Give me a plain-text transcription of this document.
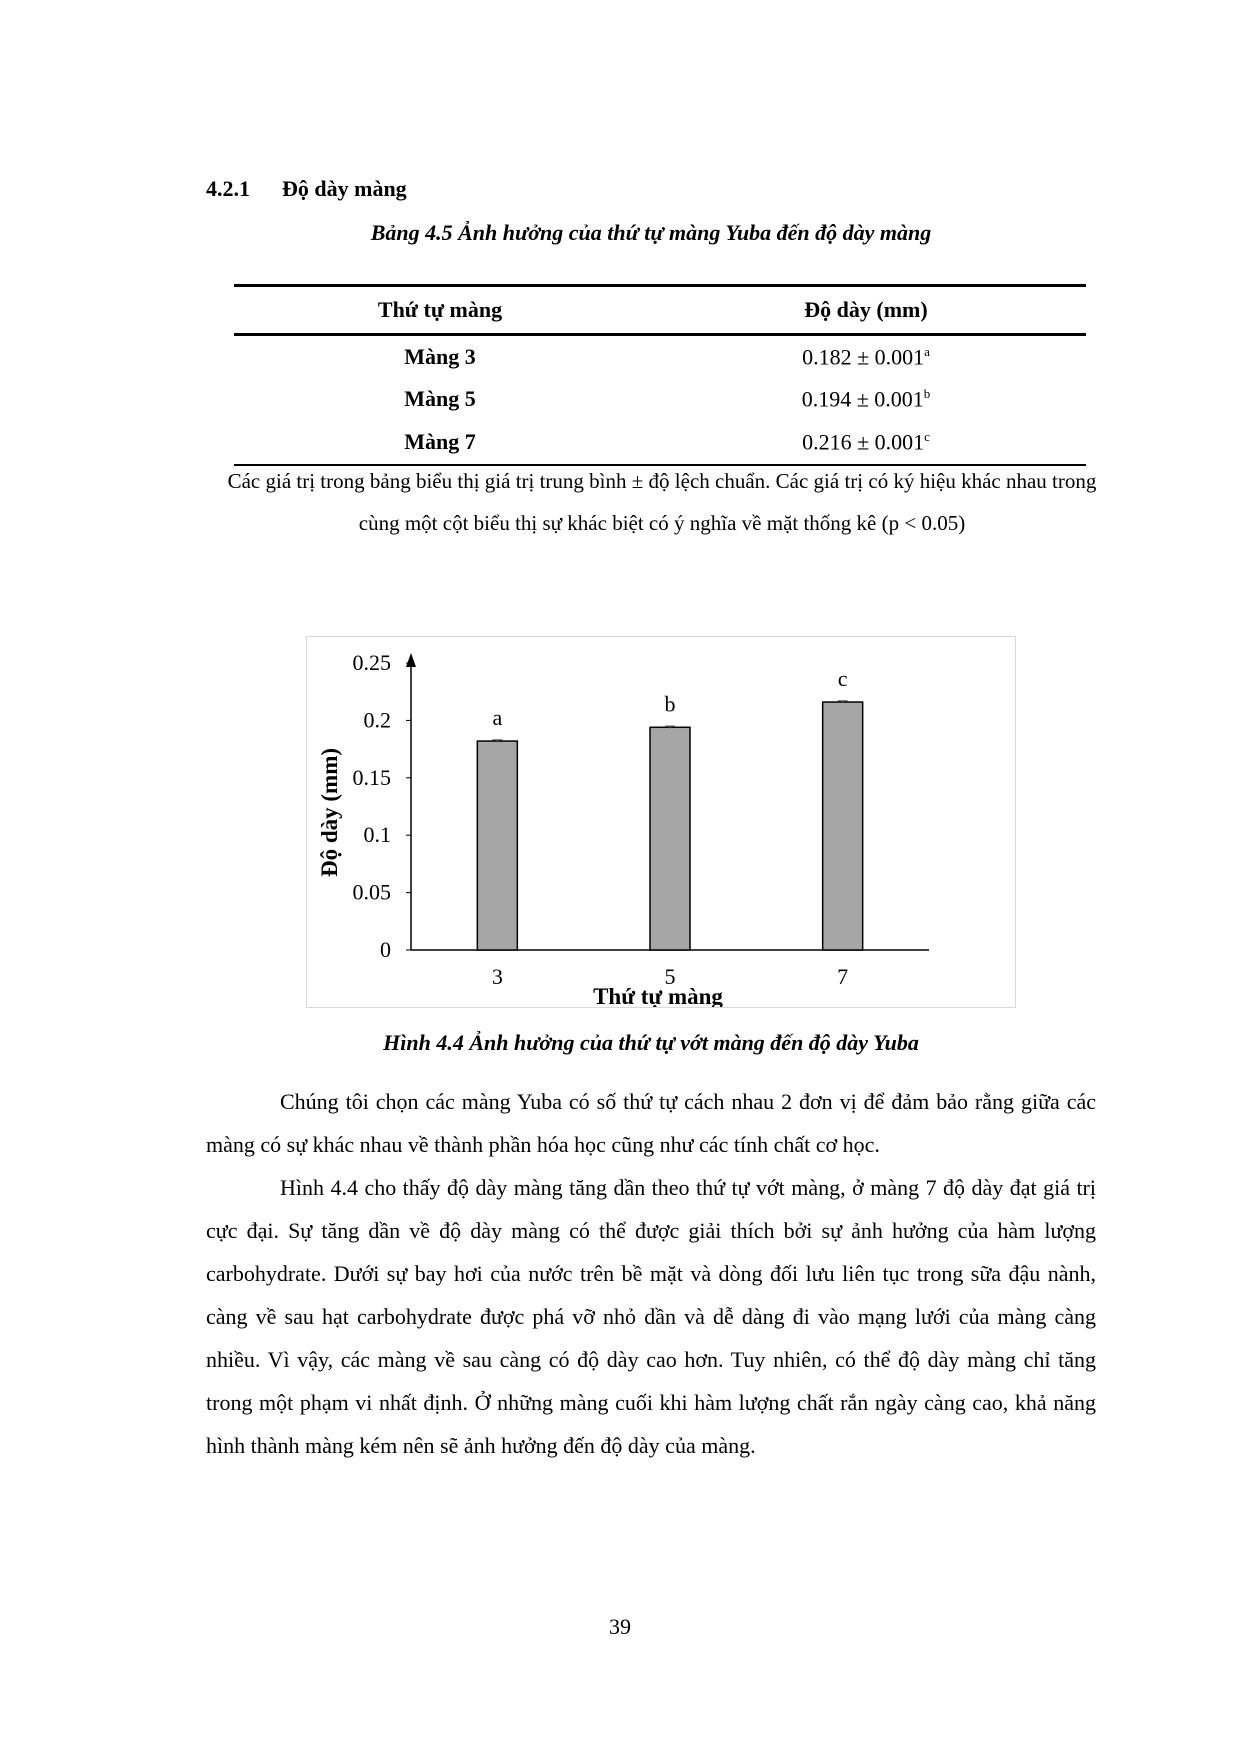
4.2.1 Độ dày màng
Bảng 4.5 Ảnh hưởng của thứ tự màng Yuba đến độ dày màng
Thứ tự màng	Độ dày (mm)
Màng 3	0.182 ± 0.001$^a$
Màng 5	0.194 ± 0.001$^b$
Màng 7	0.216 ± 0.001$^c$
Các giá trị trong bảng biểu thị giá trị trung bình ± độ lệch chuẩn. Các giá trị có ký hiệu khác nhau trong cùng một cột biểu thị sự khác biệt có ý nghĩa về mặt thống kê (p < 0.05)
0
0.05
0.1
0.15
0.2
0.25
a
3
b
5
c
7
Thứ tự màng
Độ dày (mm)
Hình 4.4 Ảnh hưởng của thứ tự vớt màng đến độ dày Yuba

Chúng tôi chọn các màng Yuba có số thứ tự cách nhau 2 đơn vị để đảm bảo rằng giữa các màng có sự khác nhau về thành phần hóa học cũng như các tính chất cơ học.

Hình 4.4 cho thấy độ dày màng tăng dần theo thứ tự vớt màng, ở màng 7 độ dày đạt giá trị cực đại. Sự tăng dần về độ dày màng có thể được giải thích bởi sự ảnh hưởng của hàm lượng carbohydrate. Dưới sự bay hơi của nước trên bề mặt và dòng đối lưu liên tục trong sữa đậu nành, càng về sau hạt carbohydrate được phá vỡ nhỏ dần và dễ dàng đi vào mạng lưới của màng càng nhiều. Vì vậy, các màng về sau càng có độ dày cao hơn. Tuy nhiên, có thể độ dày màng chỉ tăng trong một phạm vi nhất định. Ở những màng cuối khi hàm lượng chất rắn ngày càng cao, khả năng hình thành màng kém nên sẽ ảnh hưởng đến độ dày của màng.

39
